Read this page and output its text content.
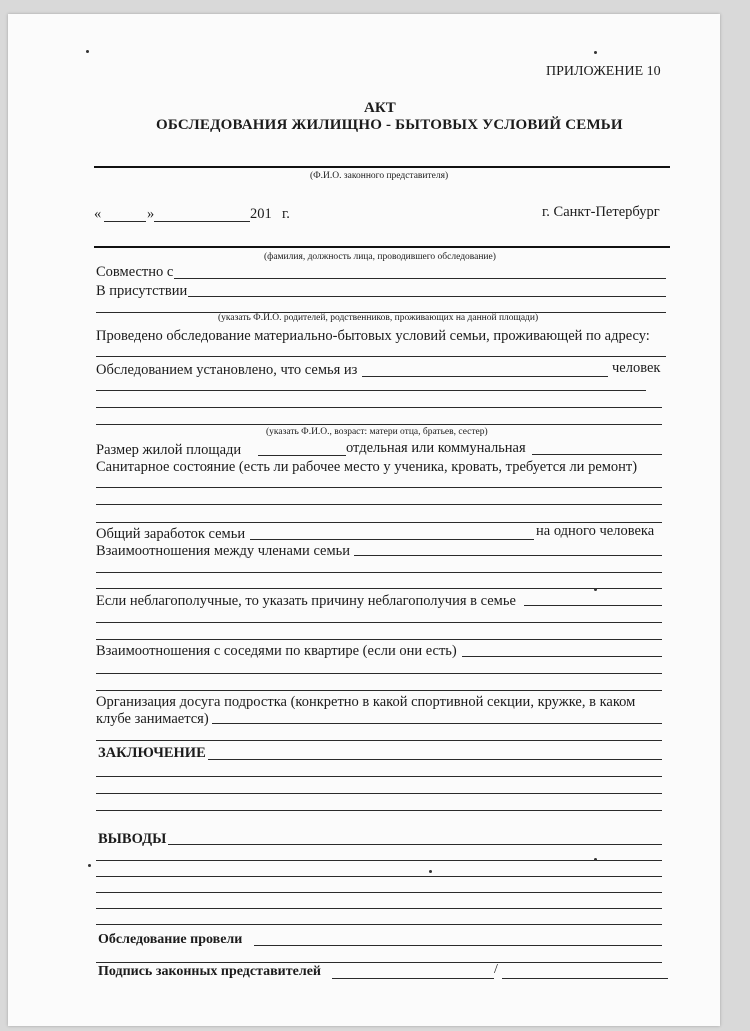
ПРИЛОЖЕНИЕ 10
АКТ
ОБСЛЕДОВАНИЯ ЖИЛИЩНО - БЫТОВЫХ УСЛОВИЙ СЕМЬИ
(Ф.И.О. законного представителя)
«	»	201 г.	г. Санкт-Петербург
(фамилия, должность лица, проводившего обследование)
Совместно с
В присутствии
(указать Ф.И.О. родителей, родственников, проживающих на данной площади)
Проведено обследование материально-бытовых условий семьи, проживающей по адресу:
Обследованием установлено, что семья из	человек
(указать Ф.И.О., возраст: матери отца, братьев, сестер)
Размер жилой площади	отдельная или коммунальная
Санитарное состояние (есть ли рабочее место у ученика, кровать, требуется ли ремонт)
Общий заработок семьи	на одного человека
Взаимоотношения между членами семьи
Если неблагополучные, то указать причину неблагополучия в семье
Взаимоотношения с соседями по квартире (если они есть)
Организация досуга подростка (конкретно в какой спортивной секции, кружке, в каком
клубе занимается)
ЗАКЛЮЧЕНИЕ
ВЫВОДЫ
Обследование провели
Подпись законных представителей	/
